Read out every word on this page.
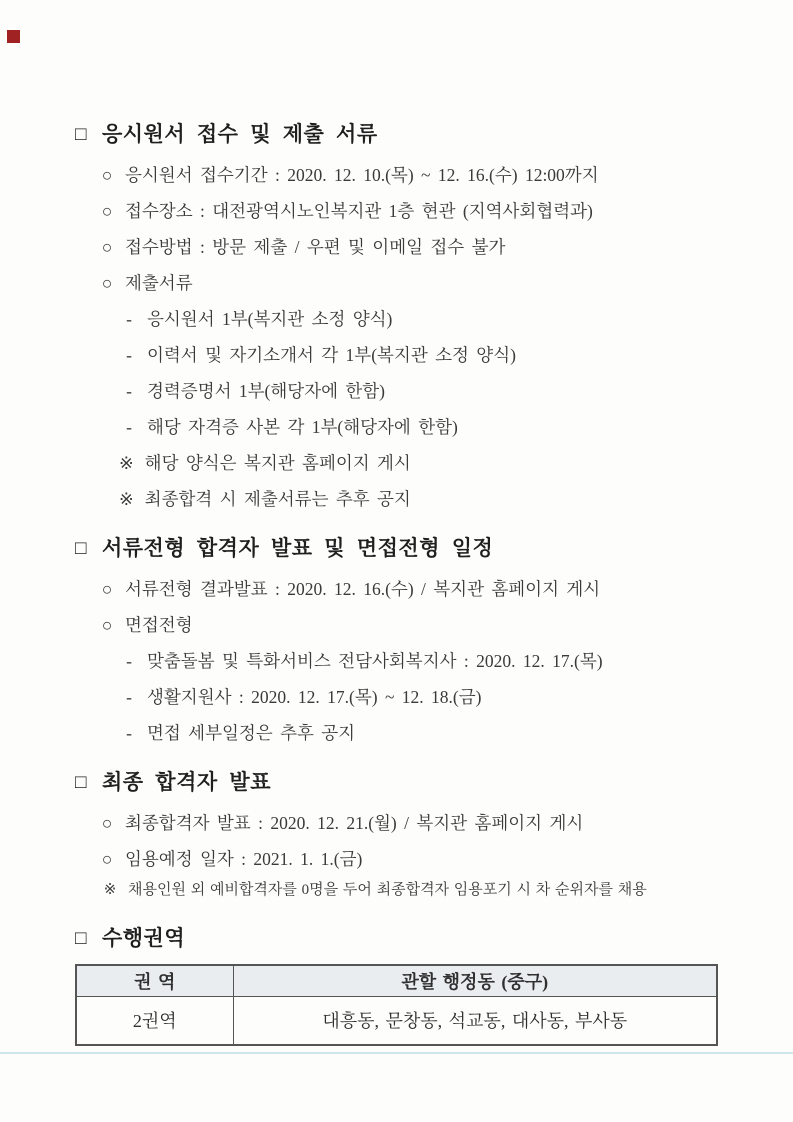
□ 응시원서 접수 및 제출 서류
○ 응시원서 접수기간 : 2020. 12. 10.(목) ~ 12. 16.(수) 12:00까지
○ 접수장소 : 대전광역시노인복지관 1층 현관 (지역사회협력과)
○ 접수방법 : 방문 제출 / 우편 및 이메일 접수 불가
○ 제출서류
- 응시원서 1부(복지관 소정 양식)
- 이력서 및 자기소개서 각 1부(복지관 소정 양식)
- 경력증명서 1부(해당자에 한함)
- 해당 자격증 사본 각 1부(해당자에 한함)
※ 해당 양식은 복지관 홈페이지 게시
※ 최종합격 시 제출서류는 추후 공지
□ 서류전형 합격자 발표 및 면접전형 일정
○ 서류전형 결과발표 : 2020. 12. 16.(수) / 복지관 홈페이지 게시
○ 면접전형
- 맞춤돌봄 및 특화서비스 전담사회복지사 : 2020. 12. 17.(목)
- 생활지원사 : 2020. 12. 17.(목) ~ 12. 18.(금)
- 면접 세부일정은 추후 공지
□ 최종 합격자 발표
○ 최종합격자 발표 : 2020. 12. 21.(월) / 복지관 홈페이지 게시
○ 임용예정 일자 : 2021. 1. 1.(금)
※ 채용인원 외 예비합격자를 0명을 두어 최종합격자 임용포기 시 차 순위자를 채용
□ 수행권역
권 역	관할 행정동 (중구)
2권역	대흥동, 문창동, 석교동, 대사동, 부사동
